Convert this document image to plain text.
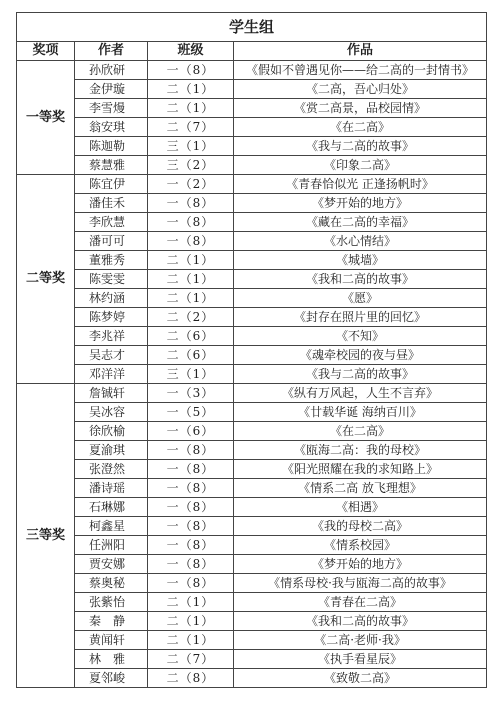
学生组			
奖项	作者	班级	作品
一等奖	孙欣研	一（8）	《假如不曾遇见你——给二高的一封情书》
	金伊璇	二（1）	《二高，吾心归处》
	李雪熳	二（1）	《赏二高景，品校园情》
	翁安琪	二（7）	《在二高》
	陈迦勒	三（1）	《我与二高的故事》
	蔡慧雅	三（2）	《印象二高》
二等奖	陈宜伊	一（2）	《青春恰似光 正逢扬帆时》
	潘佳禾	一（8）	《梦开始的地方》
	李欣慧	一（8）	《藏在二高的幸福》
	潘可可	一（8）	《水心情结》
	董雅秀	二（1）	《城墙》
	陈雯雯	二（1）	《我和二高的故事》
	林约涵	二（1）	《愿》
	陈梦婷	二（2）	《封存在照片里的回忆》
	李兆祥	二（6）	《不知》
	吴志才	二（6）	《魂牵校园的夜与昼》
	邓洋洋	三（1）	《我与二高的故事》
三等奖	詹铖轩	一（3）	《纵有万风起，人生不言弃》
	吴冰容	一（5）	《廿载华诞 海纳百川》
	徐欣榆	一（6）	《在二高》
	夏渝琪	一（8）	《瓯海二高：我的母校》
	张澄然	一（8）	《阳光照耀在我的求知路上》
	潘诗瑶	一（8）	《情系二高 放飞理想》
	石琳娜	一（8）	《相遇》
	柯鑫星	一（8）	《我的母校二高》
	任洲阳	一（8）	《情系校园》
	贾安娜	一（8）	《梦开始的地方》
	蔡奥秘	一（8）	《情系母校·我与瓯海二高的故事》
	张紫怡	二（1）	《青春在二高》
	秦　静	二（1）	《我和二高的故事》
	黄闻轩	二（1）	《二高·老师·我》
	林　雅	二（7）	《执手看星辰》
	夏邻峻	二（8）	《致敬二高》
